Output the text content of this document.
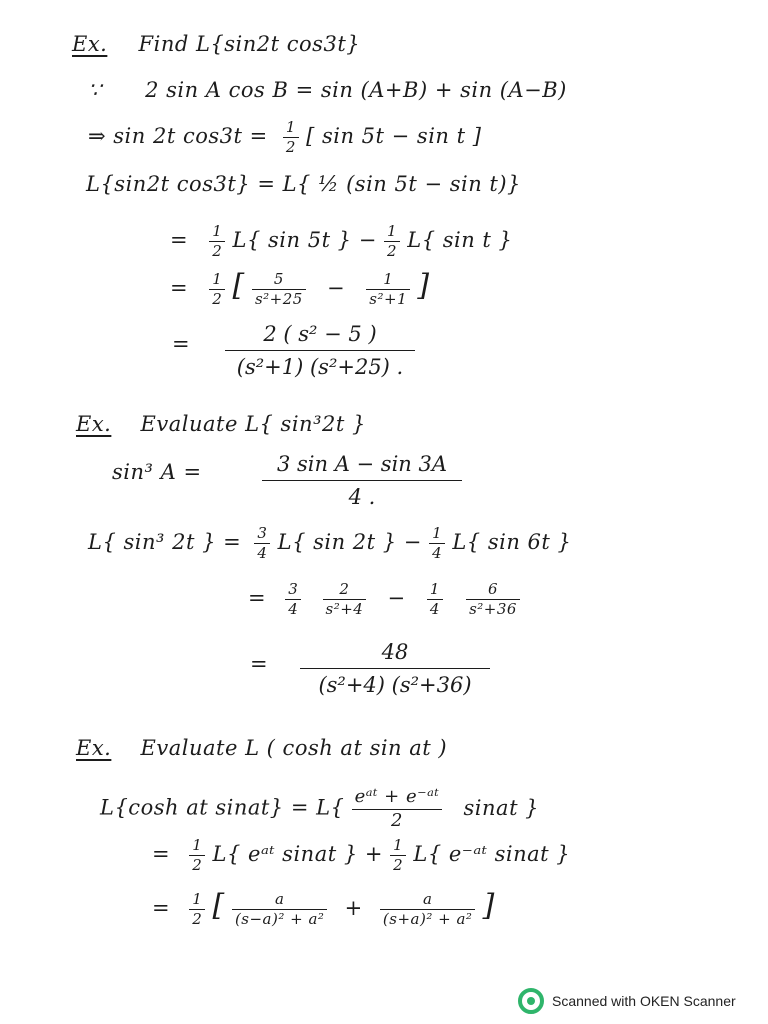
Ex. Find L{sin2t cos3t}
∵ 2 sin A cos B = sin (A+B) + sin (A−B)
⇒ sin 2t $\cos 3t = \frac{1}{2}$ [ sin 5t − sin t ]
L{sin2t cos3t} = L{ ½ (sin 5t − sin t)}
= $\frac{1}{2} L${ sin 5t } − $\frac{1}{2} L${ sin t }
= $\frac{1}{2}$ [ $\frac{5}{\text{s²+25}} - \frac{1}{\text{s²+1}}$ ]
=	2 ( s² − 5 )
(s²+1) (s²+25) .
Ex. Evaluate L{ sin³2t }
sin³ A =	3 sin A − sin 3A
4 .
L{ sin³ 2t } = $\frac{3}{4} L${ sin 2t } − $\frac{1}{4} L${ sin 6t }
= $\frac{3}{4}$
$\frac{2}{\text{s²+4}} - \frac{1}{4}$
$\frac{6}{\text{s²+36}}$
=	48
(s²+4) (s²+36)
Ex. Evaluate L ( cosh at sin at )
L{cosh at sinat} = $L\{ \frac{\text{eᵃᵗ + e⁻ᵃᵗ}}{2}$ sinat }
= $\frac{1}{2} L${ eᵃᵗ sinat } + $\frac{1}{2} L${ e⁻ᵃᵗ sinat }
= $\frac{1}{2}$ [ $\frac{a}{\text{(s−a)² + a²}} + \frac{a}{\text{(s+a)² + a²}}$ ]
Scanned with OKEN Scanner
